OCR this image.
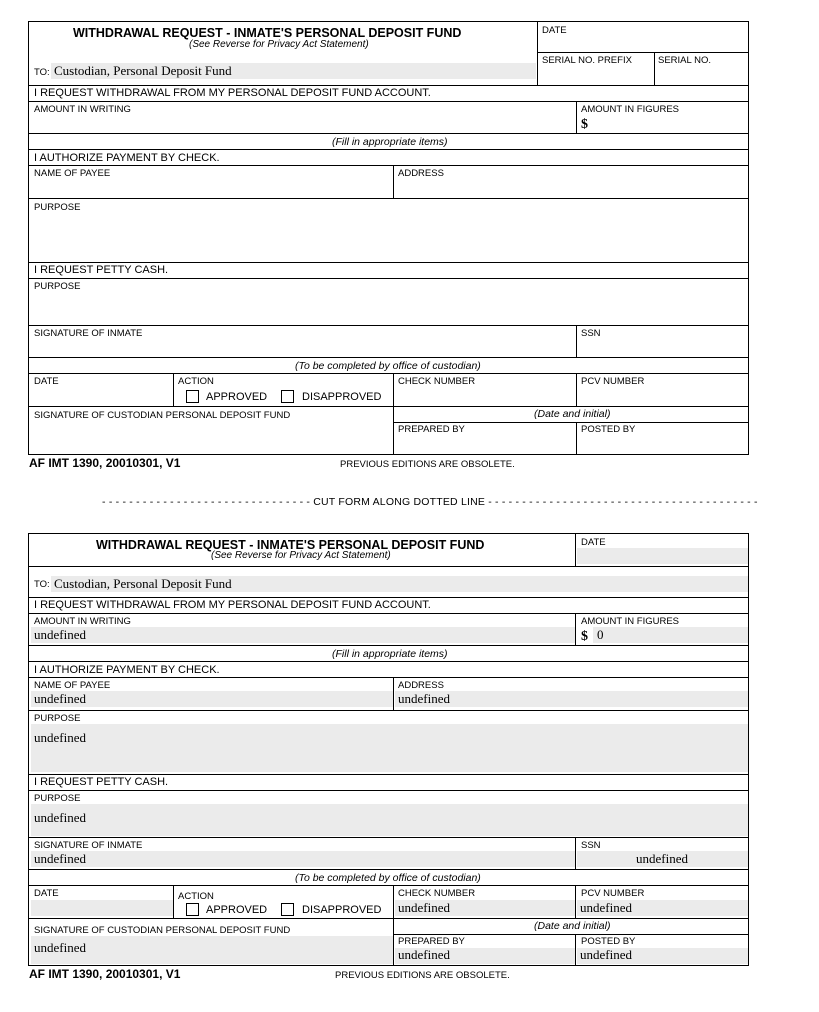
WITHDRAWAL REQUEST - INMATE'S PERSONAL DEPOSIT FUND
(See Reverse for Privacy Act Statement)
DATE
SERIAL NO. PREFIX	SERIAL NO.
TO: Custodian, Personal Deposit Fund
I REQUEST WITHDRAWAL FROM MY PERSONAL DEPOSIT FUND ACCOUNT.
AMOUNT IN WRITING	AMOUNT IN FIGURES
$
(Fill in appropriate items)
I AUTHORIZE PAYMENT BY CHECK.
NAME OF PAYEE	ADDRESS
PURPOSE
I REQUEST PETTY CASH.
PURPOSE
SIGNATURE OF INMATE	SSN
(To be completed by office of custodian)
DATE	ACTION
APPROVED	DISAPPROVED
CHECK NUMBER	PCV NUMBER
SIGNATURE OF CUSTODIAN PERSONAL DEPOSIT FUND	(Date and initial)
PREPARED BY	POSTED BY
AF IMT 1390, 20010301, V1	PREVIOUS EDITIONS ARE OBSOLETE.
- - - - - - - - - - - - - - - - - - - - - - - - - - - - - - - CUT FORM ALONG DOTTED LINE - - - - - - - - - - - - - - - - - - - - - - - - - - - - - - - - - - - - - - - -
WITHDRAWAL REQUEST - INMATE'S PERSONAL DEPOSIT FUND
(See Reverse for Privacy Act Statement)
DATE
TO: Custodian, Personal Deposit Fund
I REQUEST WITHDRAWAL FROM MY PERSONAL DEPOSIT FUND ACCOUNT.
AMOUNT IN WRITING
undefined
AMOUNT IN FIGURES
$ 0
(Fill in appropriate items)
I AUTHORIZE PAYMENT BY CHECK.
NAME OF PAYEE
undefined
ADDRESS
undefined
PURPOSE
undefined
I REQUEST PETTY CASH.
PURPOSE
undefined
SIGNATURE OF INMATE
undefined
SSN
undefined
(To be completed by office of custodian)
DATE	ACTION
APPROVED	DISAPPROVED
CHECK NUMBER
undefined
PCV NUMBER
undefined
SIGNATURE OF CUSTODIAN PERSONAL DEPOSIT FUND
undefined
(Date and initial)
PREPARED BY
undefined
POSTED BY
undefined
AF IMT 1390, 20010301, V1	PREVIOUS EDITIONS ARE OBSOLETE.
